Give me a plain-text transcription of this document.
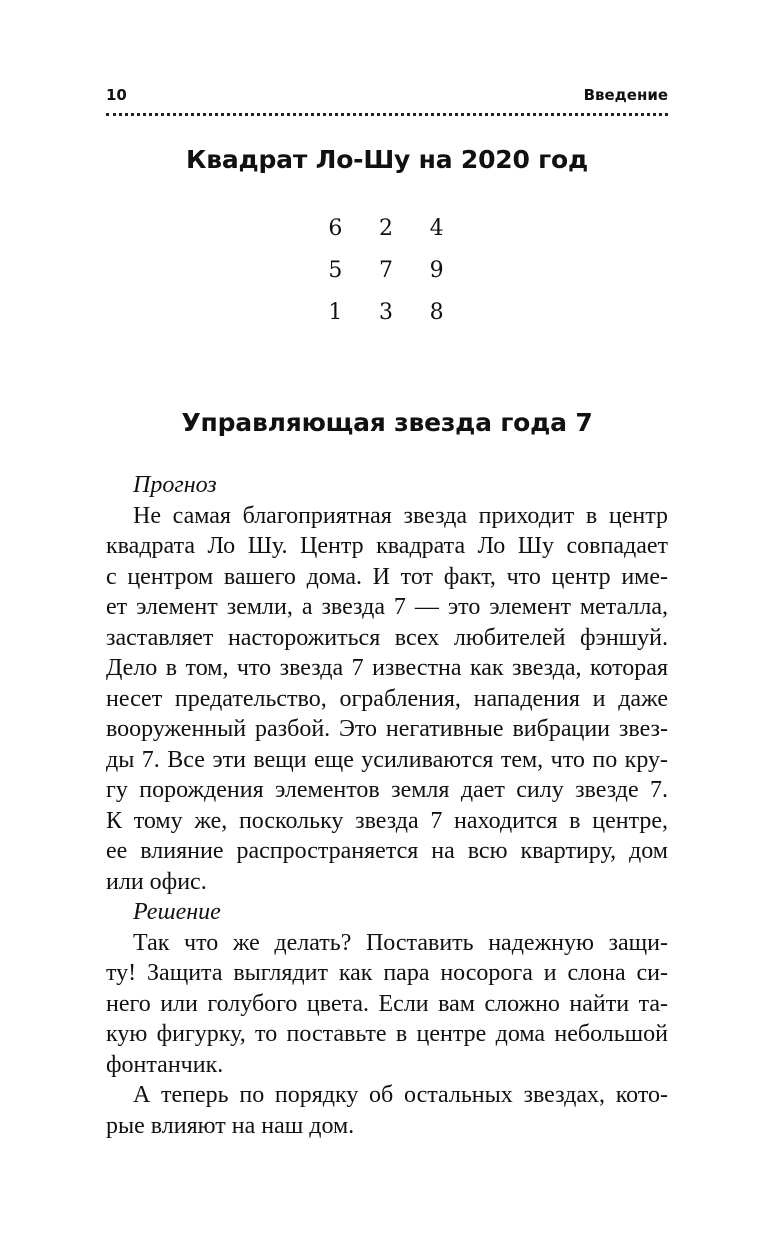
10	Введение
Квадрат Ло-Шу на 2020 год
6	2	4
5	7	9
1	3	8
Управляющая звезда года 7
Прогноз
Не самая благоприятная звезда приходит в центр
квадрата Ло Шу. Центр квадрата Ло Шу совпадает
с центром вашего дома. И тот факт, что центр име-
ет элемент земли, а звезда 7 — это элемент металла,
заставляет насторожиться всех любителей фэншуй.
Дело в том, что звезда 7 известна как звезда, которая
несет предательство, ограбления, нападения и даже
вооруженный разбой. Это негативные вибрации звез-
ды 7. Все эти вещи еще усиливаются тем, что по кру-
гу порождения элементов земля дает силу звезде 7.
К тому же, поскольку звезда 7 находится в центре,
ее влияние распространяется на всю квартиру, дом
или офис.
Решение
Так что же делать? Поставить надежную защи-
ту! Защита выглядит как пара носорога и слона си-
него или голубого цвета. Если вам сложно найти та-
кую фигурку, то поставьте в центре дома небольшой
фонтанчик.
А теперь по порядку об остальных звездах, кото-
рые влияют на наш дом.
